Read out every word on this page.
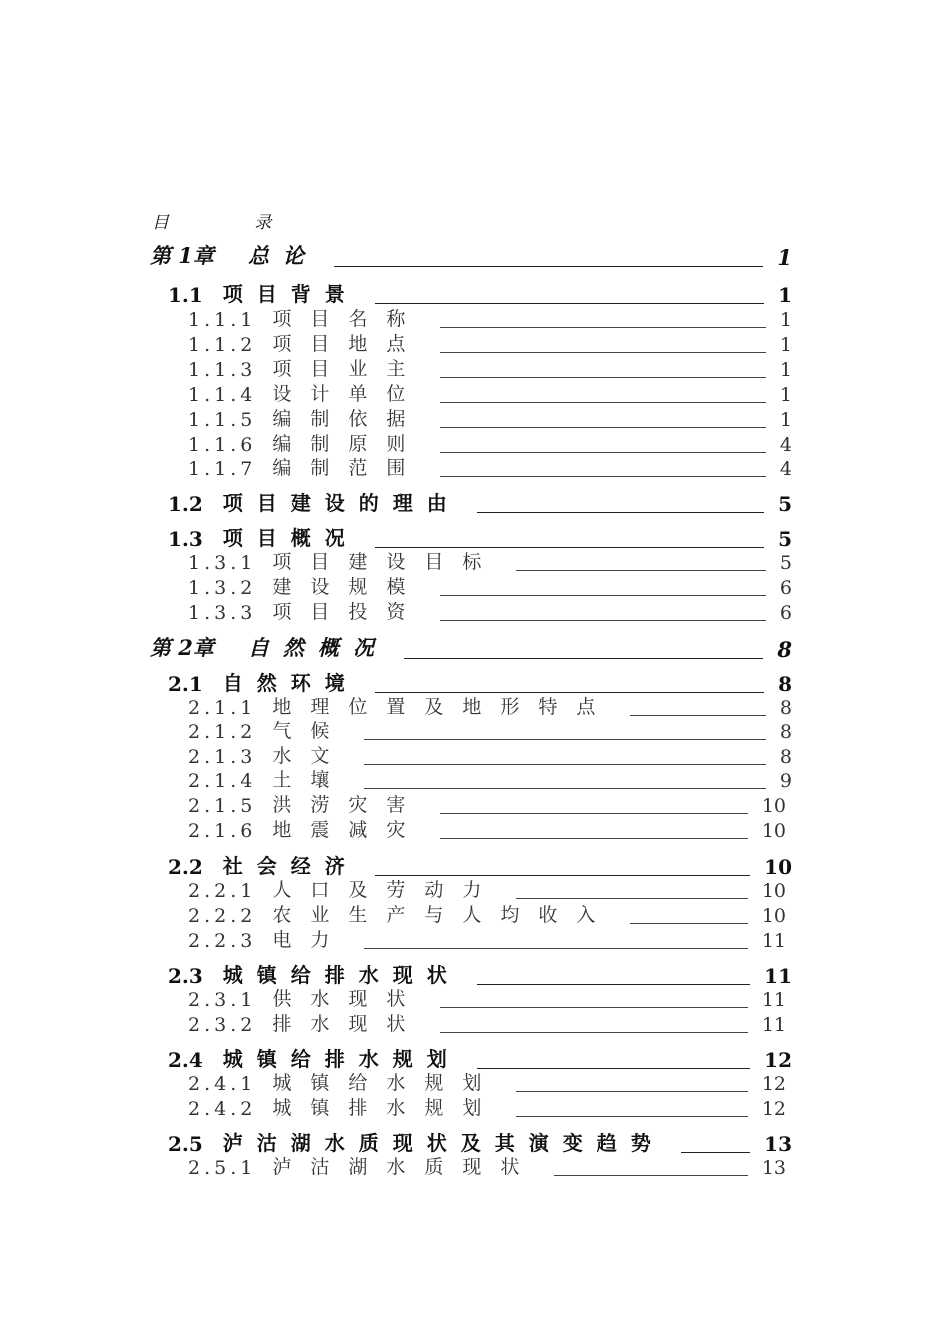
目 录
第 1章 总论	1
1.1 项目背景	1
1.1.1 项目名称	1
1.1.2 项目地点	1
1.1.3 项目业主	1
1.1.4 设计单位	1
1.1.5 编制依据	1
1.1.6 编制原则	4
1.1.7 编制范围	4
1.2 项目建设的理由	5
1.3 项目概况	5
1.3.1 项目建设目标	5
1.3.2 建设规模	6
1.3.3 项目投资	6
第 2章 自然概况	8
2.1 自然环境	8
2.1.1 地理位置及地形特点	8
2.1.2 气候	8
2.1.3 水文	8
2.1.4 土壤	9
2.1.5 洪涝灾害	10
2.1.6 地震减灾	10
2.2 社会经济	10
2.2.1 人口及劳动力	10
2.2.2 农业生产与人均收入	10
2.2.3 电力	11
2.3 城镇给排水现状	11
2.3.1 供水现状	11
2.3.2 排水现状	11
2.4 城镇给排水规划	12
2.4.1 城镇给水规划	12
2.4.2 城镇排水规划	12
2.5 泸沽湖水质现状及其演变趋势	13
2.5.1 泸沽湖水质现状	13
